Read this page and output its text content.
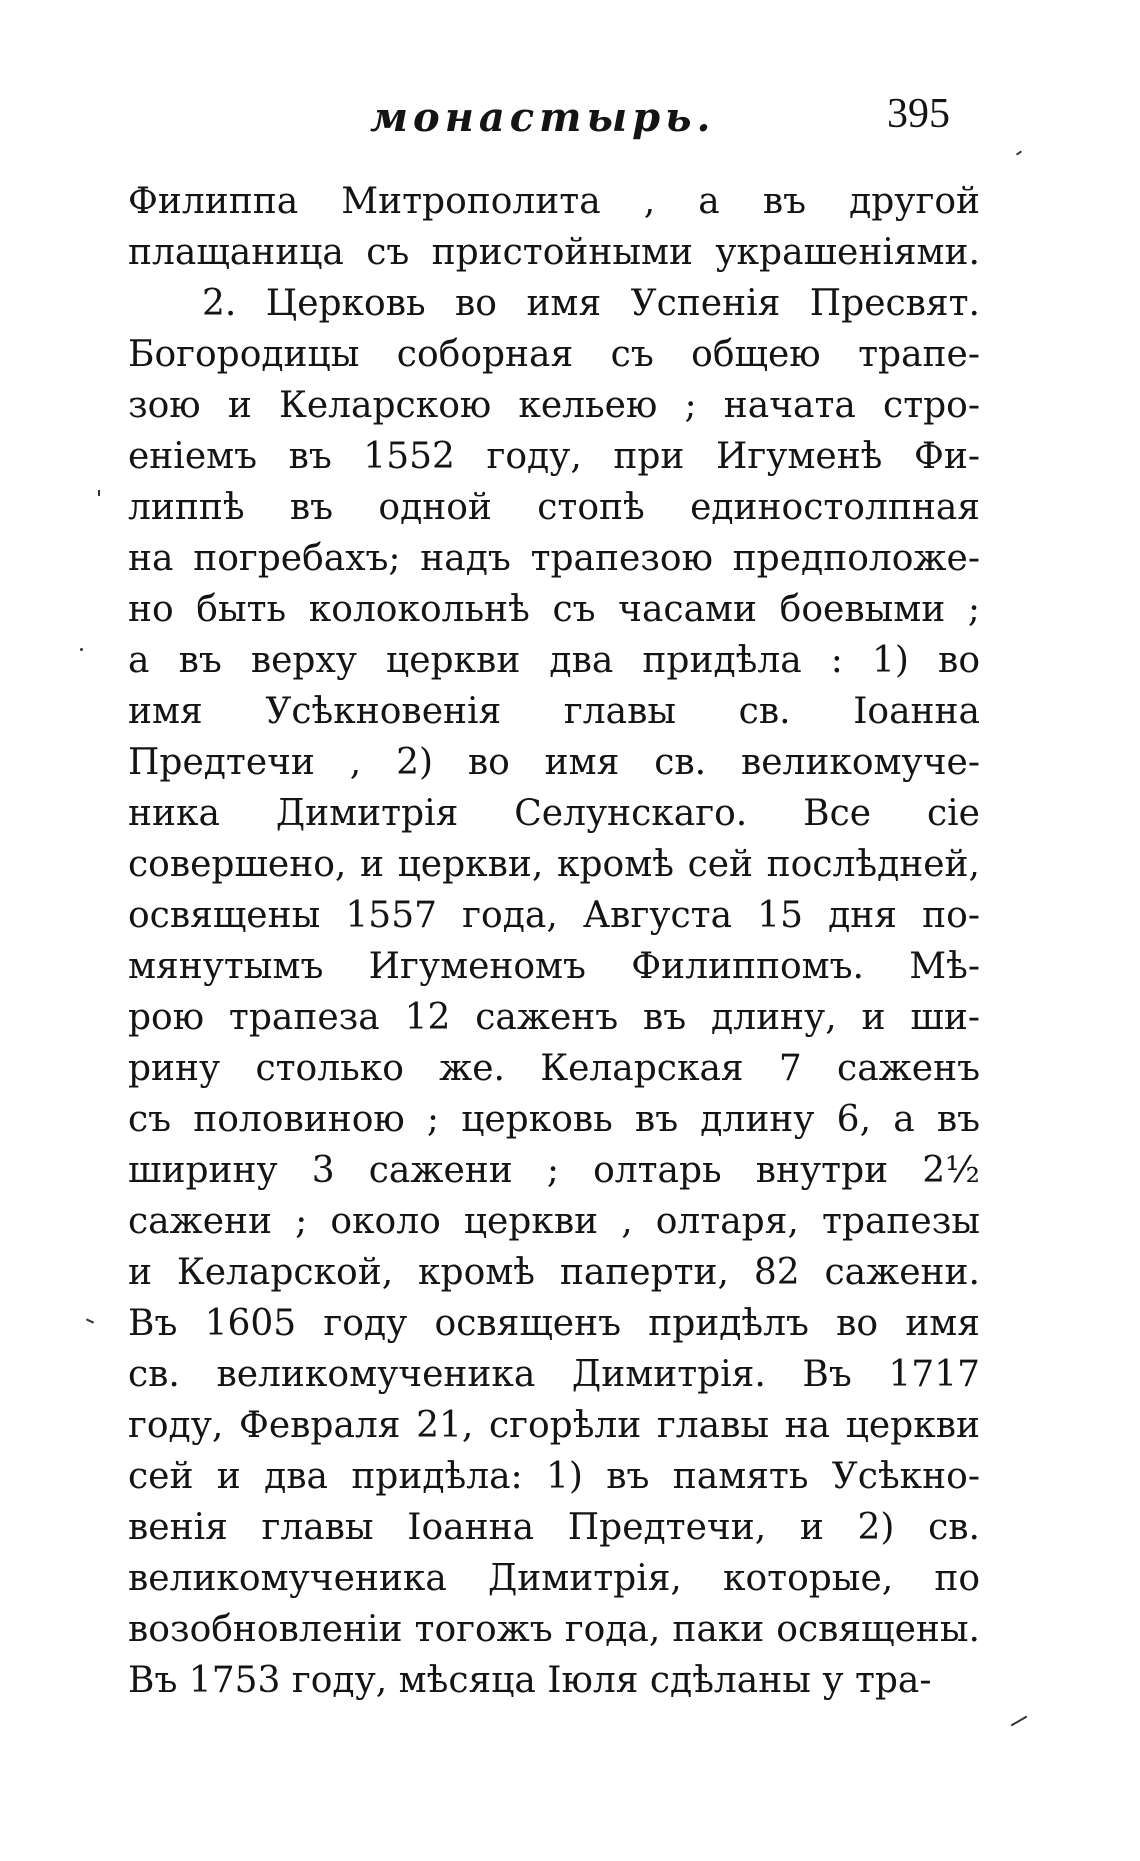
монастырь.	395
Филиппа Митрополита , а въ другой
плащаница съ пристойными украшеніями.
2. Церковь во имя Успенія Пресвят.
Богородицы соборная съ общею трапе-
зою и Келарскою кельею ; начата стро-
еніемъ въ 1552 году, при Игуменѣ Фи-
липпѣ въ одной стопѣ единостолпная
на погребахъ; надъ трапезою предположе-
но быть колокольнѣ съ часами боевыми ;
а въ верху церкви два придѣла : 1) во
имя Усѣкновенія главы св. Іоанна
Предтечи , 2) во имя св. великомуче-
ника Димитрія Селунскаго. Все сіе
совершено, и церкви, кромѣ сей послѣдней,
освящены 1557 года, Августа 15 дня по-
мянутымъ Игуменомъ Филиппомъ. Мѣ-
рою трапеза 12 саженъ въ длину, и ши-
рину столько же. Келарская 7 саженъ
съ половиною ; церковь въ длину 6, а въ
ширину 3 сажени ; олтарь внутри 2½
сажени ; около церкви , олтаря, трапезы
и Келарской, кромѣ паперти, 82 сажени.
Въ 1605 году освященъ придѣлъ во имя
св. великомученика Димитрія. Въ 1717
году, Февраля 21, сгорѣли главы на церкви
сей и два придѣла: 1) въ память Усѣкно-
венія главы Іоанна Предтечи, и 2) св.
великомученика Димитрія, которые, по
возобновленіи тогожъ года, паки освящены.
Въ 1753 году, мѣсяца Іюля сдѣланы у тра-
